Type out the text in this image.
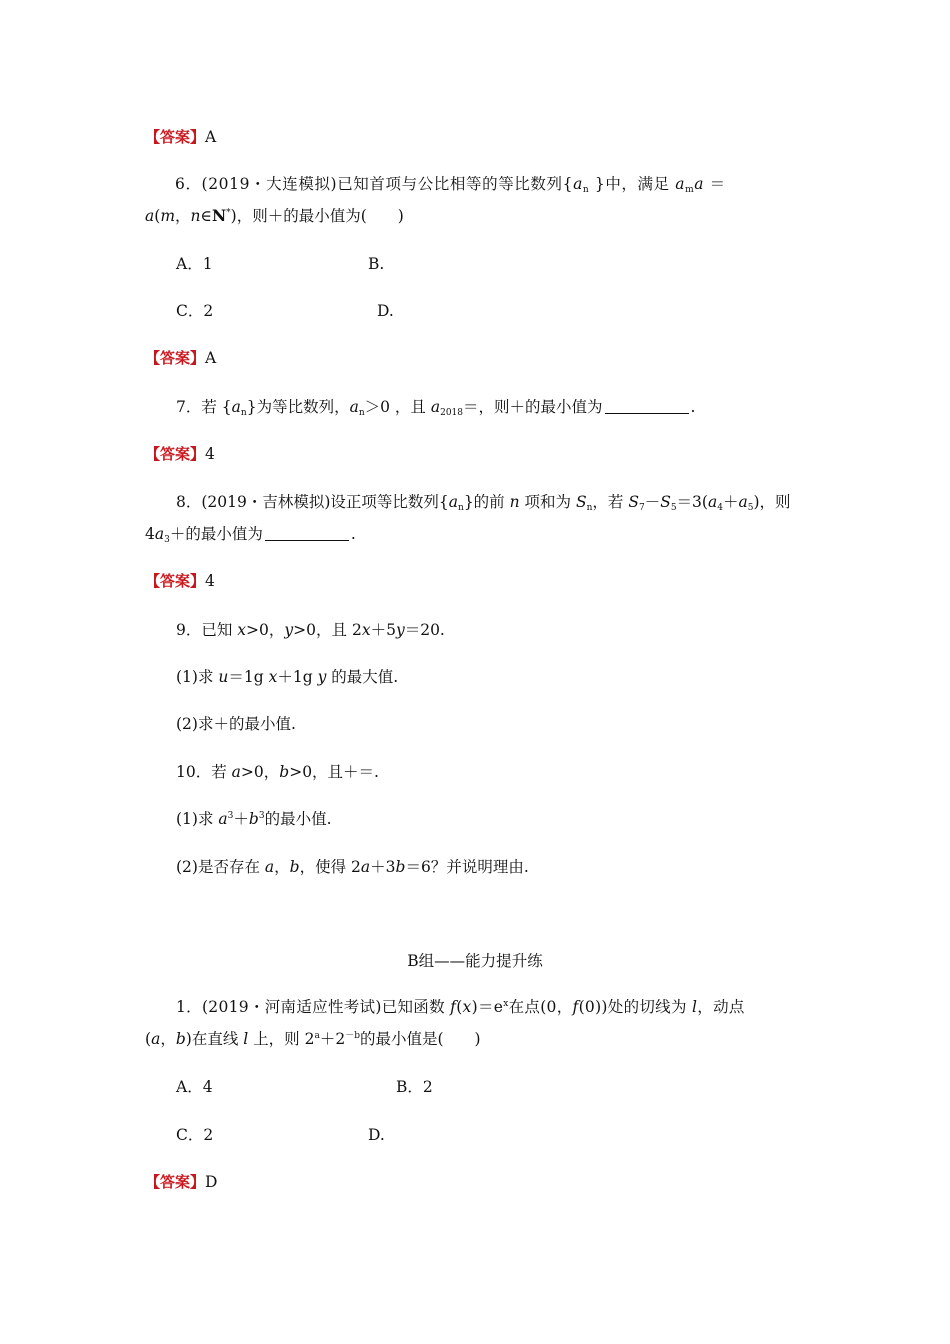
【答案】A
6．(2019・大连模拟)已知首项与公比相等的等比数列{$a_n$ }中，满足 $a_ma$ ＝
a(m，n∈N*)，则＋的最小值为(　　)
A．1	B.
C．2	D.
【答案】A
7．若 $\{a_n\}$为等比数列，$a_n>0$ ，且 $a_{2018}=$，则＋的最小值为	.
【答案】4
8．(2019・吉林模拟)设正项等比数列$\{a_n\}$的前 n 项和为 $S_n$，若 $S_7-S_5=3(a_4+a_5)$，则
$4a_3+$的最小值为	.
【答案】4
9．已知 x>0，y>0，且 2x＋5y＝20.
(1)求 u＝1g x＋1g y 的最大值.
(2)求＋的最小值.
10．若 a>0，b>0，且＋＝.
(1)求 $a^3+b^3$的最小值.
(2)是否存在 a，b，使得 2a＋3b＝6？并说明理由.
B组——能力提升练
1．(2019・河南适应性考试)已知函数 $f(x)=e^x$在点(0，f(0))处的切线为 l，动点
(a，b)在直线 l 上，则 $2^a+2^{-b}$的最小值是(　　)
A．4	B．2
C．2	D.
【答案】D
